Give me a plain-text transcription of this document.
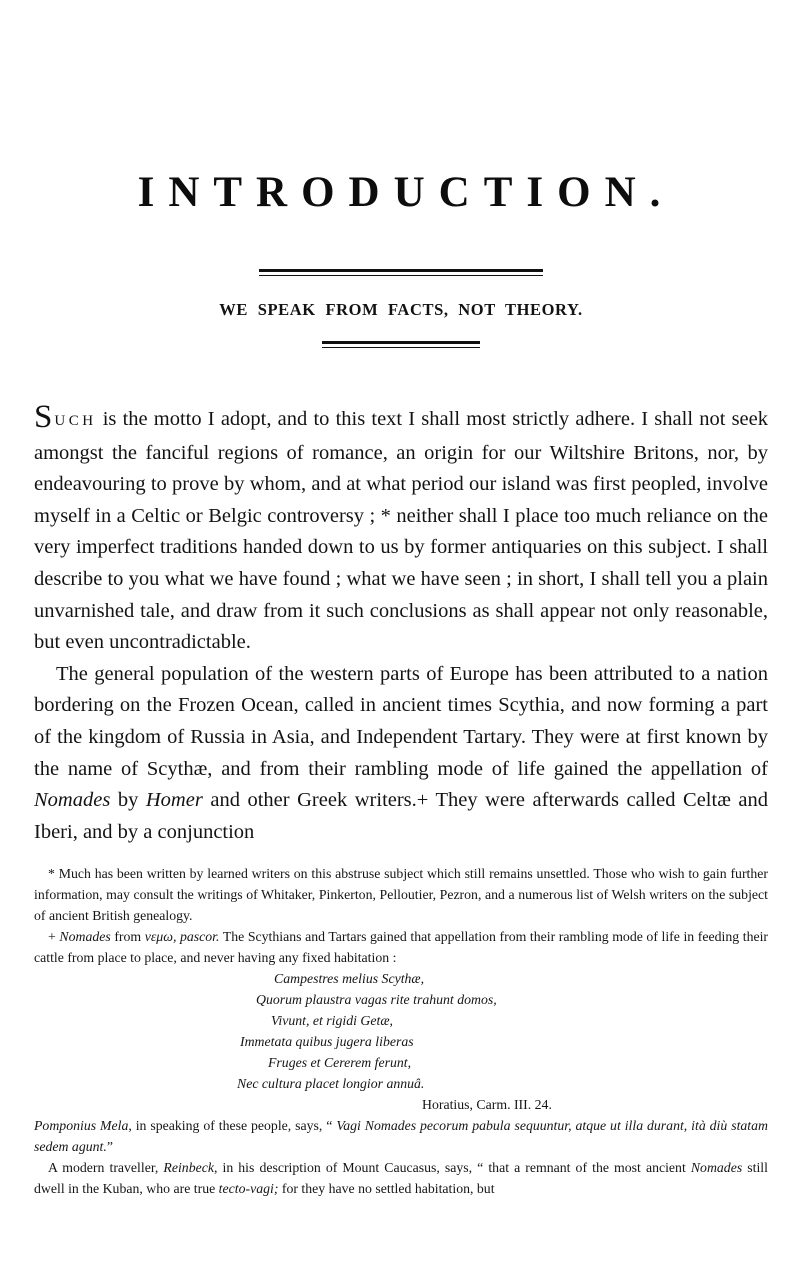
INTRODUCTION.
WE SPEAK FROM FACTS, NOT THEORY.

SUCH is the motto I adopt, and to this text I shall most strictly adhere. I shall not seek amongst the fanciful regions of romance, an origin for our Wiltshire Britons, nor, by endeavouring to prove by whom, and at what period our island was first peopled, involve myself in a Celtic or Belgic controversy ; * neither shall I place too much reliance on the very imperfect traditions handed down to us by former antiquaries on this subject. I shall describe to you what we have found ; what we have seen ; in short, I shall tell you a plain unvarnished tale, and draw from it such conclusions as shall appear not only reasonable, but even uncontradictable.

The general population of the western parts of Europe has been attributed to a nation bordering on the Frozen Ocean, called in ancient times Scythia, and now forming a part of the kingdom of Russia in Asia, and Independent Tartary. They were at first known by the name of Scythæ, and from their rambling mode of life gained the appellation of Nomades by Homer and other Greek writers.+ They were afterwards called Celtæ and Iberi, and by a conjunction

* Much has been written by learned writers on this abstruse subject which still remains unsettled. Those who wish to gain further information, may consult the writings of Whitaker, Pinkerton, Pelloutier, Pezron, and a numerous list of Welsh writers on the subject of ancient British genealogy.

+ Nomades from νεμω, pascor. The Scythians and Tartars gained that appellation from their rambling mode of life in feeding their cattle from place to place, and never having any fixed habitation :

Campestres melius Scythæ,
Quorum plaustra vagas rite trahunt domos,
Vivunt, et rigidi Getæ,
Immetata quibus jugera liberas
Fruges et Cererem ferunt,
Nec cultura placet longior annuâ.
Horatius, Carm. III. 24.

Pomponius Mela, in speaking of these people, says, “ Vagi Nomades pecorum pabula sequuntur, atque ut illa durant, ità diù statam sedem agunt.”

A modern traveller, Reinbeck, in his description of Mount Caucasus, says, “ that a remnant of the most ancient Nomades still dwell in the Kuban, who are true tecto-vagi; for they have no settled habitation, but
